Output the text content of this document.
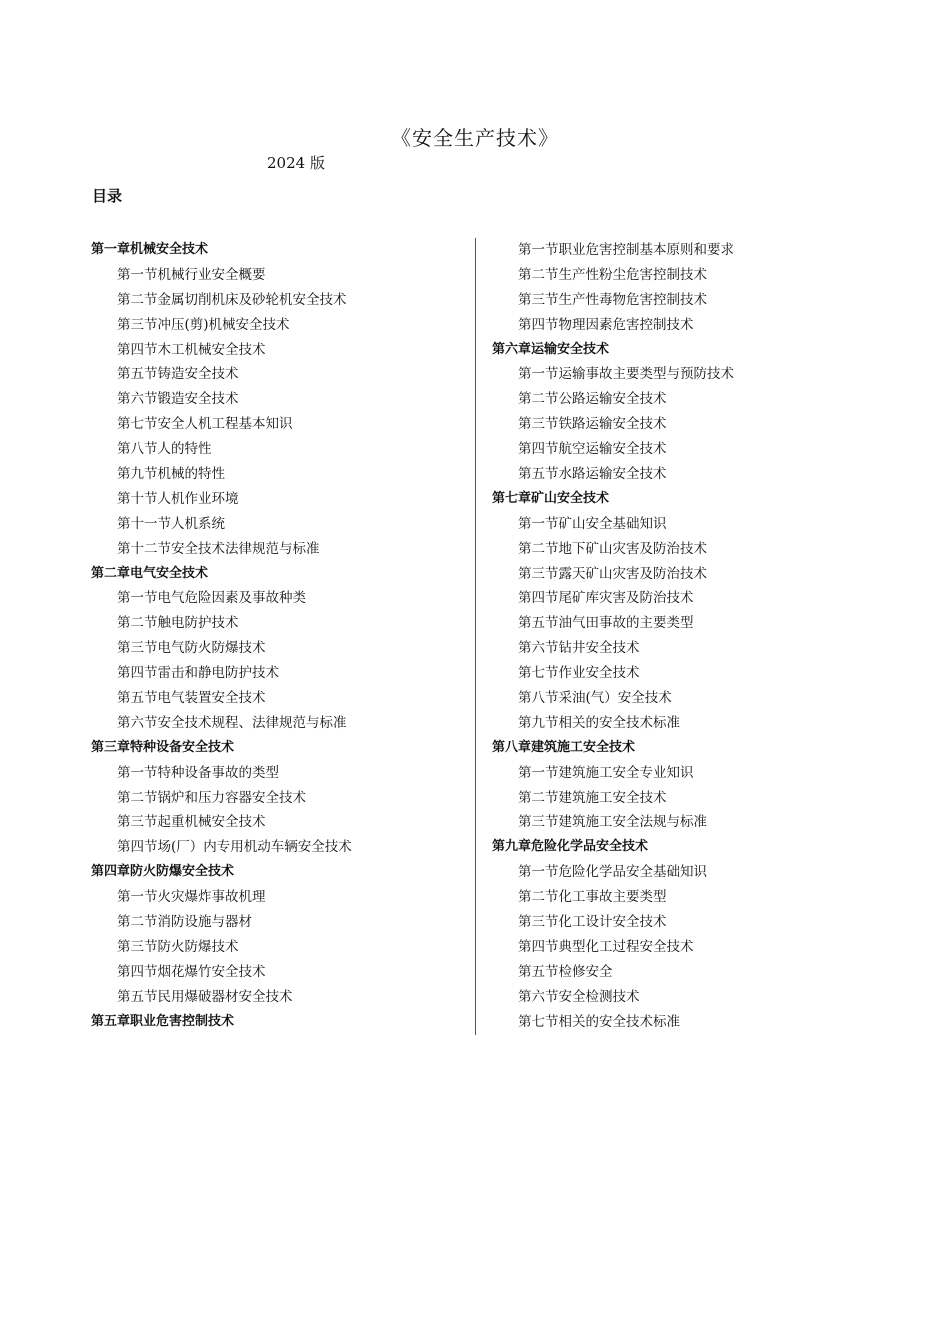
《安全生产技术》
2024 版
目录
第一章机械安全技术
第一节机械行业安全概要
第二节金属切削机床及砂轮机安全技术
第三节冲压(剪)机械安全技术
第四节木工机械安全技术
第五节铸造安全技术
第六节锻造安全技术
第七节安全人机工程基本知识
第八节人的特性
第九节机械的特性
第十节人机作业环境
第十一节人机系统
第十二节安全技术法律规范与标准
第二章电气安全技术
第一节电气危险因素及事故种类
第二节触电防护技术
第三节电气防火防爆技术
第四节雷击和静电防护技术
第五节电气装置安全技术
第六节安全技术规程、法律规范与标准
第三章特种设备安全技术
第一节特种设备事故的类型
第二节锅炉和压力容器安全技术
第三节起重机械安全技术
第四节场(厂）内专用机动车辆安全技术
第四章防火防爆安全技术
第一节火灾爆炸事故机理
第二节消防设施与器材
第三节防火防爆技术
第四节烟花爆竹安全技术
第五节民用爆破器材安全技术
第五章职业危害控制技术
第一节职业危害控制基本原则和要求
第二节生产性粉尘危害控制技术
第三节生产性毒物危害控制技术
第四节物理因素危害控制技术
第六章运输安全技术
第一节运输事故主要类型与预防技术
第二节公路运输安全技术
第三节铁路运输安全技术
第四节航空运输安全技术
第五节水路运输安全技术
第七章矿山安全技术
第一节矿山安全基础知识
第二节地下矿山灾害及防治技术
第三节露天矿山灾害及防治技术
第四节尾矿库灾害及防治技术
第五节油气田事故的主要类型
第六节钻井安全技术
第七节作业安全技术
第八节采油(气）安全技术
第九节相关的安全技术标准
第八章建筑施工安全技术
第一节建筑施工安全专业知识
第二节建筑施工安全技术
第三节建筑施工安全法规与标准
第九章危险化学品安全技术
第一节危险化学品安全基础知识
第二节化工事故主要类型
第三节化工设计安全技术
第四节典型化工过程安全技术
第五节检修安全
第六节安全检测技术
第七节相关的安全技术标准
